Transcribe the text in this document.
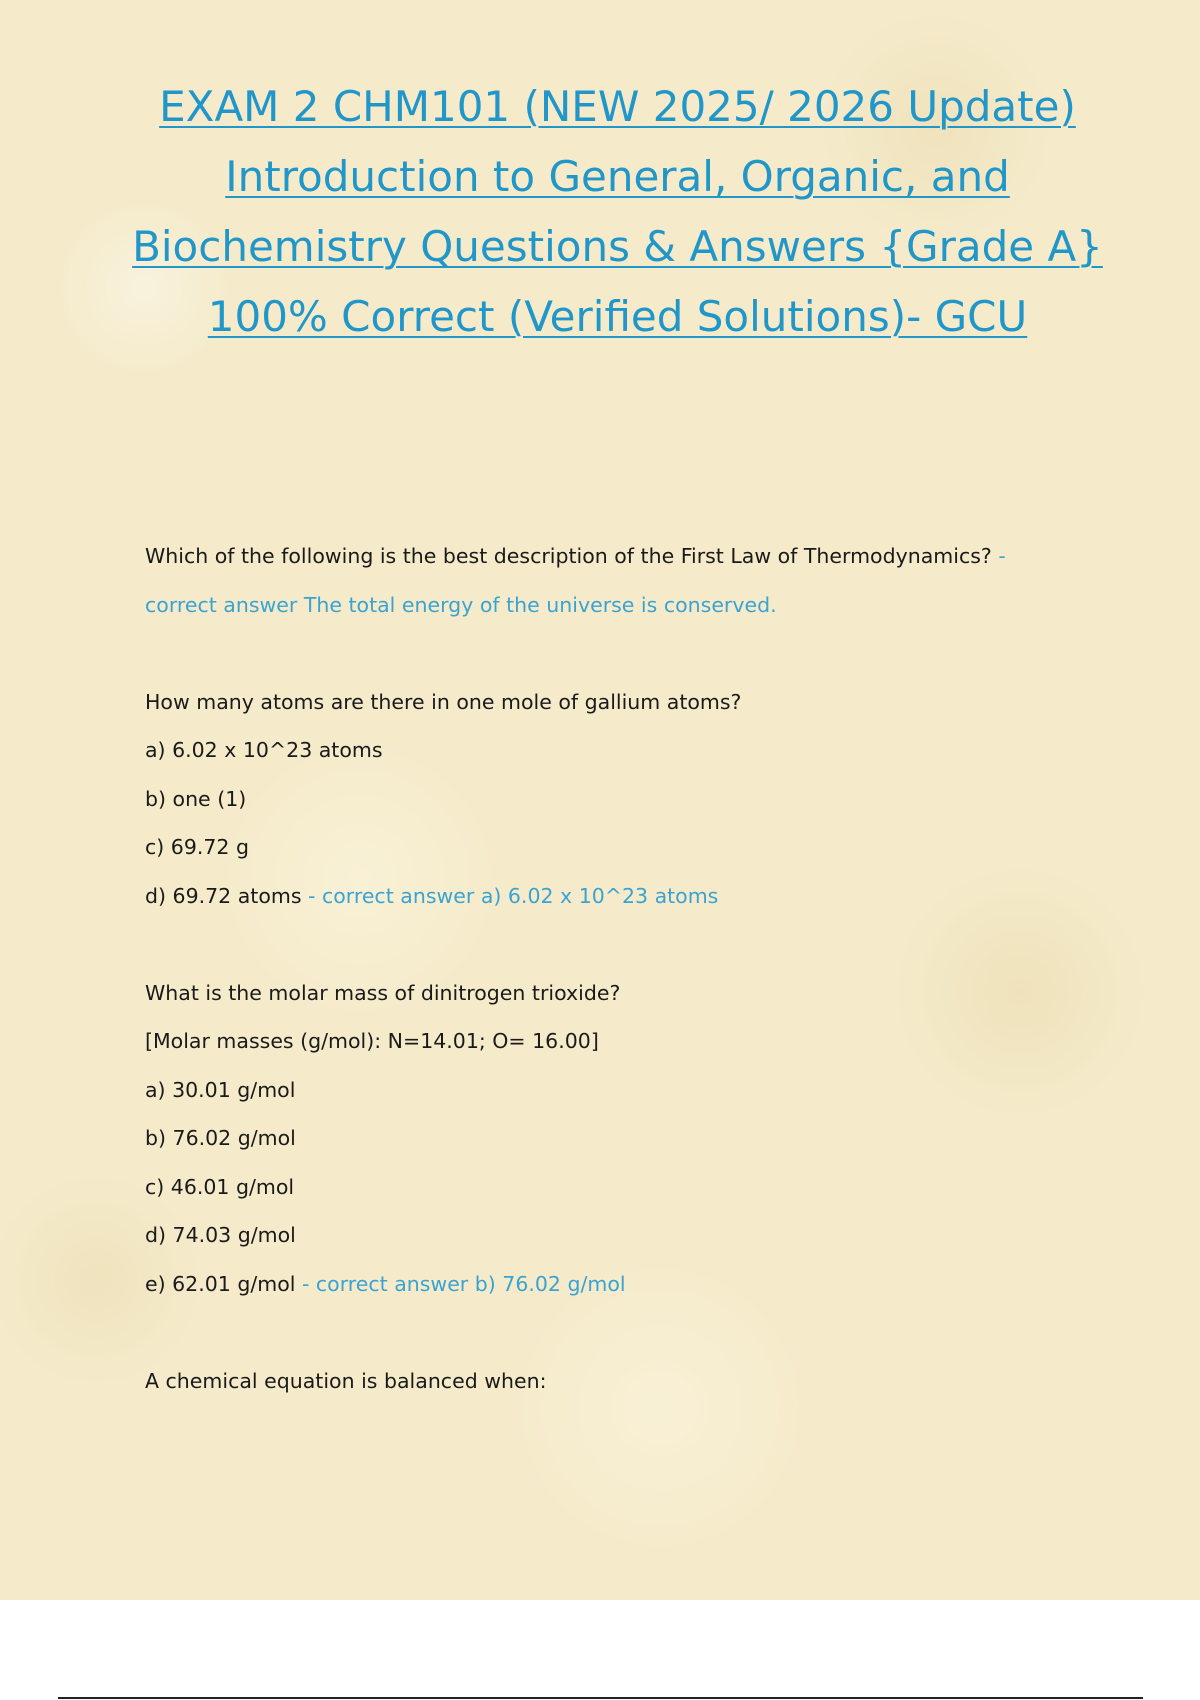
EXAM 2 CHM101 (NEW 2025/ 2026 Update) Introduction to General, Organic, and Biochemistry Questions & Answers {Grade A} 100% Correct (Verified Solutions)- GCU
Which of the following is the best description of the First Law of Thermodynamics? -
correct answer The total energy of the universe is conserved.
How many atoms are there in one mole of gallium atoms?
a) 6.02 x 10^23 atoms
b) one (1)
c) 69.72 g
d) 69.72 atoms - correct answer a) 6.02 x 10^23 atoms
What is the molar mass of dinitrogen trioxide?
[Molar masses (g/mol): N=14.01; O= 16.00]
a) 30.01 g/mol
b) 76.02 g/mol
c) 46.01 g/mol
d) 74.03 g/mol
e) 62.01 g/mol - correct answer b) 76.02 g/mol
A chemical equation is balanced when:
